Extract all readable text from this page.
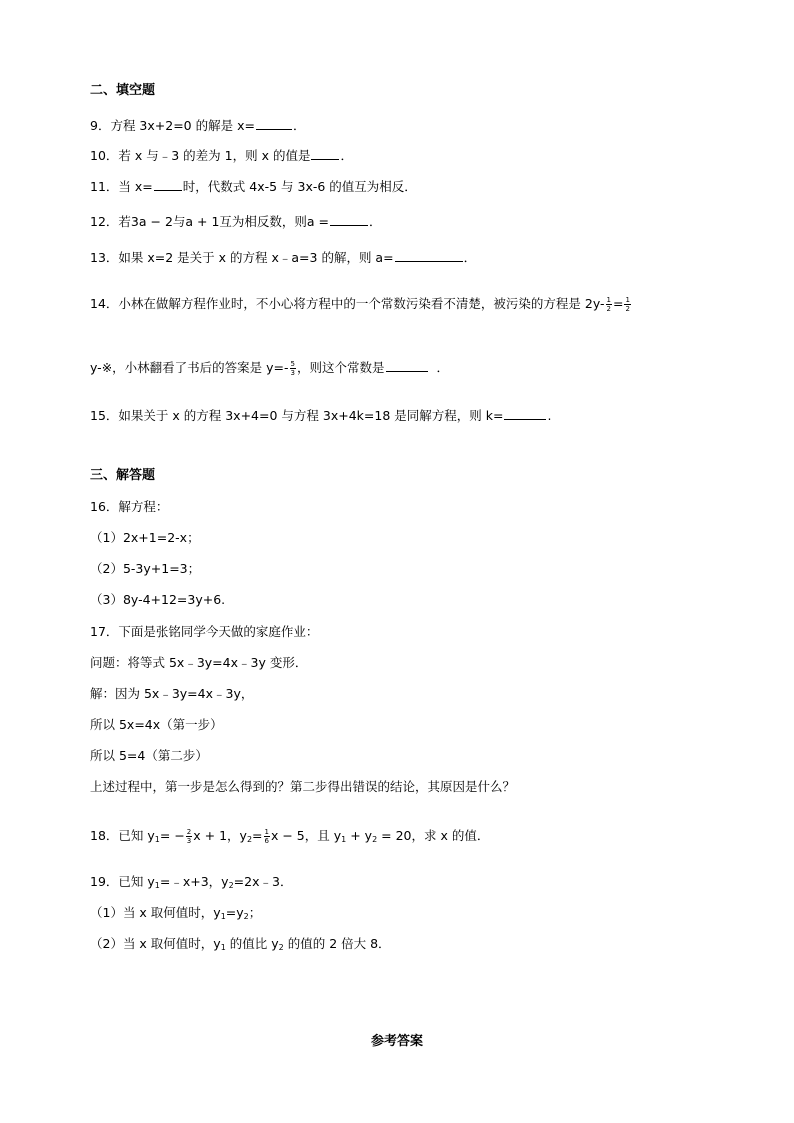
二、填空题
9．方程 3x+2=0 的解是 x=	．
10．若 x 与﹣3 的差为 1，则 x 的值是 ．
11．当 x= 时，代数式 4x-5 与 3x-6 的值互为相反．
12．若3a − 2与a + 1互为相反数，则a =	．
13．如果 x=2 是关于 x 的方程 x﹣a=3 的解，则 a=	．
14．小林在做解方程作业时，不小心将方程中的一个常数污染看不清楚，被污染的方程是 $2y- \frac{1}{2} = \frac{1}{2}$
y-※，小林翻看了书后的答案是 $y=- \frac{5}{3}$ ，则这个常数是	．
15．如果关于 x 的方程 3x+4=0 与方程 3x+4k=18 是同解方程，则 k=	.
三、解答题
16．解方程：
（1）2x+1=2-x；
（2）5-3y+1=3；
（3）8y-4+12=3y+6.
17．下面是张铭同学今天做的家庭作业：
问题：将等式 5x﹣3y=4x﹣3y 变形．
解：因为 5x﹣3y=4x﹣3y，
所以 5x=4x（第一步）
所以 5=4（第二步）
上述过程中，第一步是怎么得到的？第二步得出错误的结论，其原因是什么？
18．已知 $y_1= - \frac{2}{3}$ x + 1，$y_2= \frac{1}{6}$ x − 5，且 $y_1 + y_2 = 20$，求 x 的值．
19．已知 $y_1=﹣x+3$，$y_2=2x﹣3$．
（1）当 x 取何值时，$y_1=y_2$；
（2）当 x 取何值时，$y_1$ 的值比 $y_2$ 的值的 2 倍大 8．
参考答案
